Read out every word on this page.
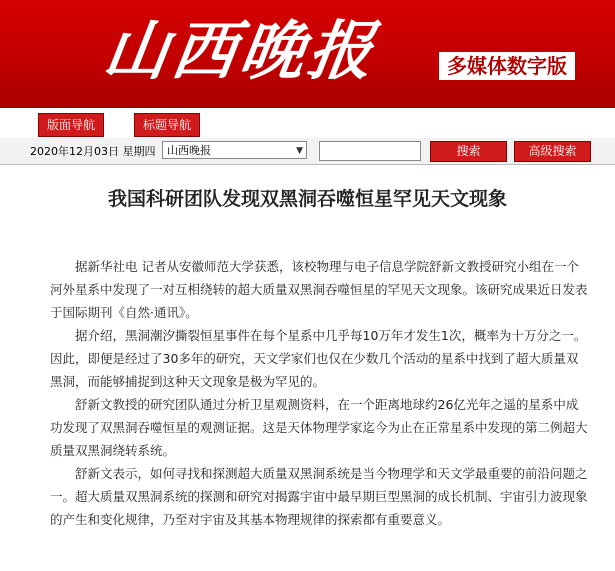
山西晚报	多媒体数字版
版面导航	标题导航
2020年12月03日 星期四	山西晚报	▼	搜索	高级搜索
我国科研团队发现双黑洞吞噬恒星罕见天文现象

据新华社电 记者从安徽师范大学获悉，该校物理与电子信息学院舒新文教授研究小组在一个河外星系中发现了一对互相绕转的超大质量双黑洞吞噬恒星的罕见天文现象。该研究成果近日发表于国际期刊《自然·通讯》。

据介绍，黑洞潮汐撕裂恒星事件在每个星系中几乎每10万年才发生1次，概率为十万分之一。因此，即便是经过了30多年的研究，天文学家们也仅在少数几个活动的星系中找到了超大质量双黑洞，而能够捕捉到这种天文现象是极为罕见的。

舒新文教授的研究团队通过分析卫星观测资料，在一个距离地球约26亿光年之遥的星系中成功发现了双黑洞吞噬恒星的观测证据。这是天体物理学家迄今为止在正常星系中发现的第二例超大质量双黑洞绕转系统。

舒新文表示，如何寻找和探测超大质量双黑洞系统是当今物理学和天文学最重要的前沿问题之一。超大质量双黑洞系统的探测和研究对揭露宇宙中最早期巨型黑洞的成长机制、宇宙引力波现象的产生和变化规律，乃至对宇宙及其基本物理规律的探索都有重要意义。
